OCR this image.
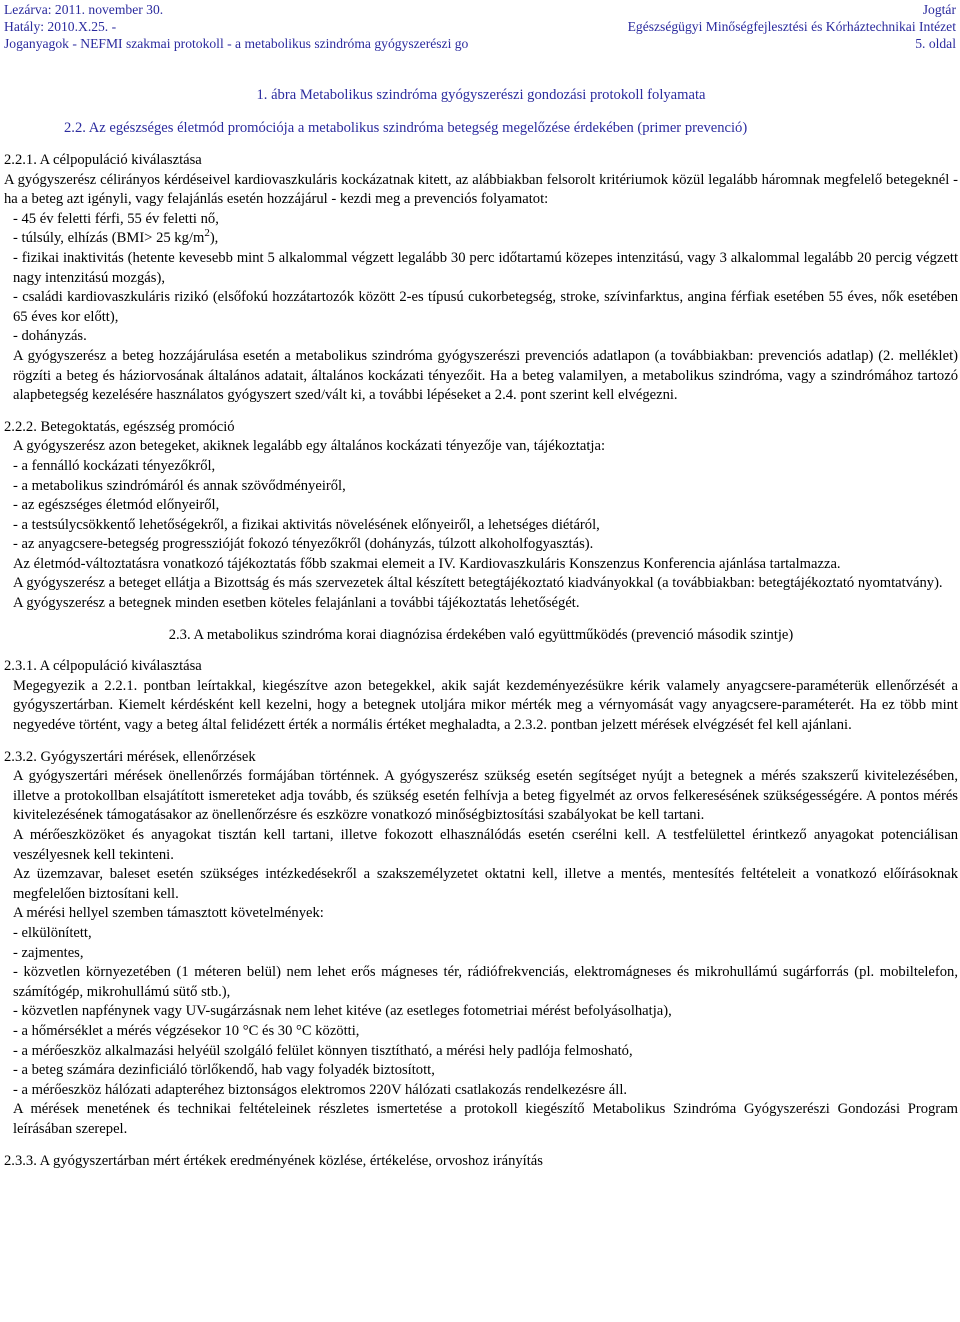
Lezárva: 2011. november 30.
Hatály: 2010.X.25. -
Joganyagok - NEFMI szakmai protokoll - a metabolikus szindróma gyógyszerészi go
Jogtár
Egészségügyi Minőségfejlesztési és Kórháztechnikai Intézet
5. oldal
1. ábra Metabolikus szindróma gyógyszerészi gondozási protokoll folyamata
2.2. Az egészséges életmód promóciója a metabolikus szindróma betegség megelőzése érdekében (primer prevenció)

2.2.1. A célpopuláció kiválasztása

A gyógyszerész célirányos kérdéseivel kardiovaszkuláris kockázatnak kitett, az alábbiakban felsorolt kritériumok közül legalább háromnak megfelelő betegeknél - ha a beteg azt igényli, vagy felajánlás esetén hozzájárul - kezdi meg a prevenciós folyamatot:

- 45 év feletti férfi, 55 év feletti nő,

- túlsúly, elhízás (BMI> 25 $kg/m^2$),

- fizikai inaktivitás (hetente kevesebb mint 5 alkalommal végzett legalább 30 perc időtartamú közepes intenzitású, vagy 3 alkalommal legalább 20 percig végzett nagy intenzitású mozgás),

- családi kardiovaszkuláris rizikó (elsőfokú hozzátartozók között 2-es típusú cukorbetegség, stroke, szívinfarktus, angina férfiak esetében 55 éves, nők esetében 65 éves kor előtt),

- dohányzás.

A gyógyszerész a beteg hozzájárulása esetén a metabolikus szindróma gyógyszerészi prevenciós adatlapon (a továbbiakban: prevenciós adatlap) (2. melléklet) rögzíti a beteg és háziorvosának általános adatait, általános kockázati tényezőit. Ha a beteg valamilyen, a metabolikus szindróma, vagy a szindrómához tartozó alapbetegség kezelésére használatos gyógyszert szed/vált ki, a további lépéseket a 2.4. pont szerint kell elvégezni.

2.2.2. Betegoktatás, egészség promóció

A gyógyszerész azon betegeket, akiknek legalább egy általános kockázati tényezője van, tájékoztatja:

- a fennálló kockázati tényezőkről,

- a metabolikus szindrómáról és annak szövődményeiről,

- az egészséges életmód előnyeiről,

- a testsúlycsökkentő lehetőségekről, a fizikai aktivitás növelésének előnyeiről, a lehetséges diétáról,

- az anyagcsere-betegség progresszióját fokozó tényezőkről (dohányzás, túlzott alkoholfogyasztás).

Az életmód-változtatásra vonatkozó tájékoztatás főbb szakmai elemeit a IV. Kardiovaszkuláris Konszenzus Konferencia ajánlása tartalmazza.

A gyógyszerész a beteget ellátja a Bizottság és más szervezetek által készített betegtájékoztató kiadványokkal (a továbbiakban: betegtájékoztató nyomtatvány).

A gyógyszerész a betegnek minden esetben köteles felajánlani a további tájékoztatás lehetőségét.

2.3. A metabolikus szindróma korai diagnózisa érdekében való együttműködés (prevenció második szintje)

2.3.1. A célpopuláció kiválasztása

Megegyezik a 2.2.1. pontban leírtakkal, kiegészítve azon betegekkel, akik saját kezdeményezésükre kérik valamely anyagcsere-paraméterük ellenőrzését a gyógyszertárban. Kiemelt kérdésként kell kezelni, hogy a betegnek utoljára mikor mérték meg a vérnyomását vagy anyagcsere-paraméterét. Ha ez több mint negyedéve történt, vagy a beteg által felidézett érték a normális értéket meghaladta, a 2.3.2. pontban jelzett mérések elvégzését fel kell ajánlani.

2.3.2. Gyógyszertári mérések, ellenőrzések

A gyógyszertári mérések önellenőrzés formájában történnek. A gyógyszerész szükség esetén segítséget nyújt a betegnek a mérés szakszerű kivitelezésében, illetve a protokollban elsajátított ismereteket adja tovább, és szükség esetén felhívja a beteg figyelmét az orvos felkeresésének szükségességére. A pontos mérés kivitelezésének támogatásakor az önellenőrzésre és eszközre vonatkozó minőségbiztosítási szabályokat be kell tartani.

A mérőeszközöket és anyagokat tisztán kell tartani, illetve fokozott elhasználódás esetén cserélni kell. A testfelülettel érintkező anyagokat potenciálisan veszélyesnek kell tekinteni.

Az üzemzavar, baleset esetén szükséges intézkedésekről a szakszemélyzetet oktatni kell, illetve a mentés, mentesítés feltételeit a vonatkozó előírásoknak megfelelően biztosítani kell.

A mérési hellyel szemben támasztott követelmények:

- elkülönített,

- zajmentes,

- közvetlen környezetében (1 méteren belül) nem lehet erős mágneses tér, rádiófrekvenciás, elektromágneses és mikrohullámú sugárforrás (pl. mobiltelefon, számítógép, mikrohullámú sütő stb.),

- közvetlen napfénynek vagy UV-sugárzásnak nem lehet kitéve (az esetleges fotometriai mérést befolyásolhatja),

- a hőmérséklet a mérés végzésekor 10 °C és 30 °C közötti,

- a mérőeszköz alkalmazási helyéül szolgáló felület könnyen tisztítható, a mérési hely padlója felmosható,

- a beteg számára dezinficiáló törlőkendő, hab vagy folyadék biztosított,

- a mérőeszköz hálózati adapteréhez biztonságos elektromos 220V hálózati csatlakozás rendelkezésre áll.

A mérések menetének és technikai feltételeinek részletes ismertetése a protokoll kiegészítő Metabolikus Szindróma Gyógyszerészi Gondozási Program leírásában szerepel.

2.3.3. A gyógyszertárban mért értékek eredményének közlése, értékelése, orvoshoz irányítás
